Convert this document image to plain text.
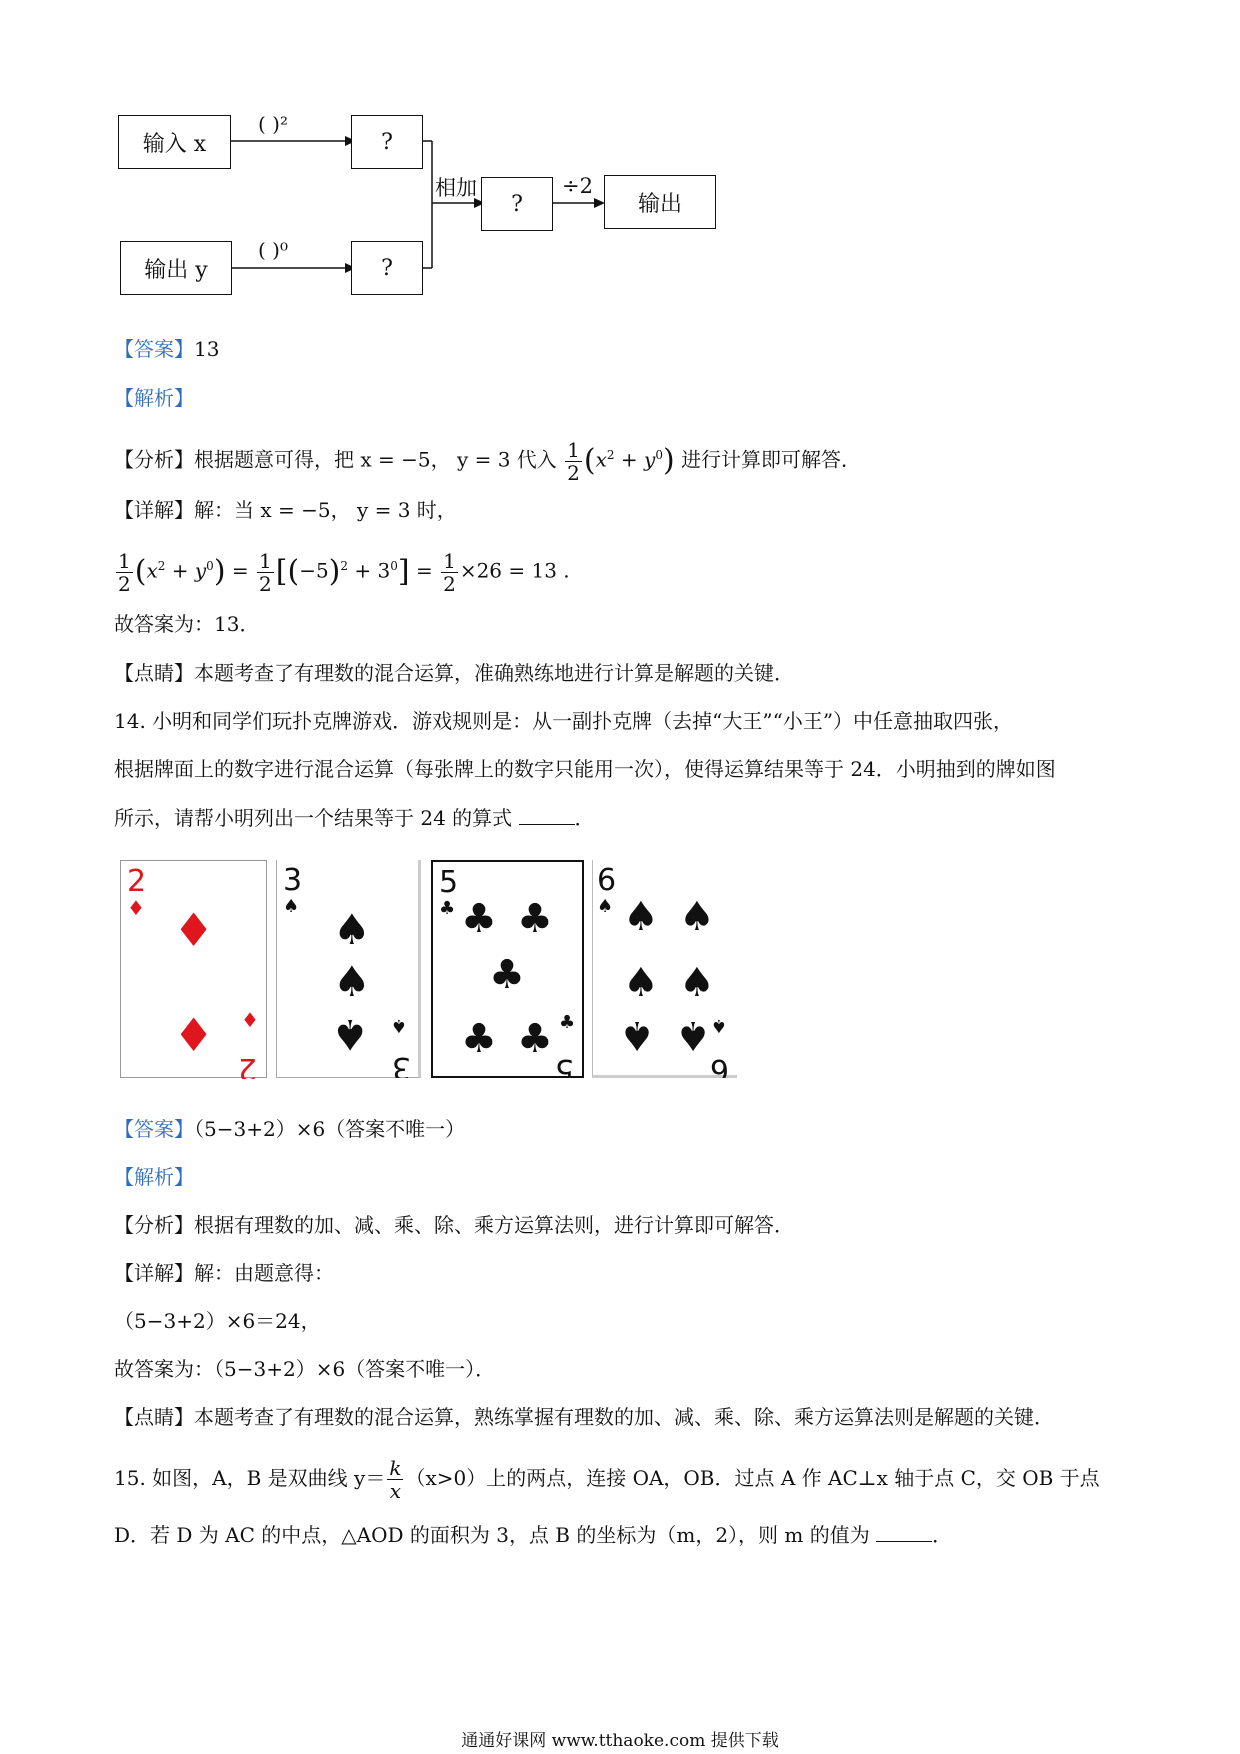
输入 x
( )²
?
输出 y
( )⁰
?
相加
?
÷2
输出
【答案】13
【解析】
【分析】根据题意可得，把 x = −5， y = 3 代入 $\frac{1}{2} (x^2 + y^0)$ 进行计算即可解答．
【详解】解：当 x = −5， y = 3 时，
$\frac{1}{2} (x^2 + y^0) = \frac{1}{2} [(-5)^2 + 3^0] = \frac{1}{2} \times 26 = 13$ .
故答案为：13．
【点睛】本题考查了有理数的混合运算，准确熟练地进行计算是解题的关键．
14. 小明和同学们玩扑克牌游戏．游戏规则是：从一副扑克牌（去掉“大王”“小王”）中任意抽取四张，
根据牌面上的数字进行混合运算（每张牌上的数字只能用一次），使得运算结果等于 24．小明抽到的牌如图
所示，请帮小明列出一个结果等于 24 的算式	．
2
♦ ♦
♦
2
♦
3
♠ ♠
♠
♠
3
♠
5
♣ ♣ ♣
♣
♣ ♣
5
♣
6
♠ ♠ ♠
♠ ♠
♠ ♠
6
♠
【答案】（5−3+2）×6（答案不唯一）
【解析】
【分析】根据有理数的加、减、乘、除、乘方运算法则，进行计算即可解答．
【详解】解：由题意得：
（5−3+2）×6＝24，
故答案为：（5−3+2）×6（答案不唯一）．
【点睛】本题考查了有理数的混合运算，熟练掌握有理数的加、减、乘、除、乘方运算法则是解题的关键．
15. 如图，A，B 是双曲线 $y= \frac{k}{x} (x>0)$上的两点，连接 OA，OB．过点 A 作 AC⊥x 轴于点 C，交 OB 于点
D．若 D 为 AC 的中点，△AOD 的面积为 3，点 B 的坐标为（m，2），则 m 的值为	．
通通好课网 www.tthaoke.com 提供下载
